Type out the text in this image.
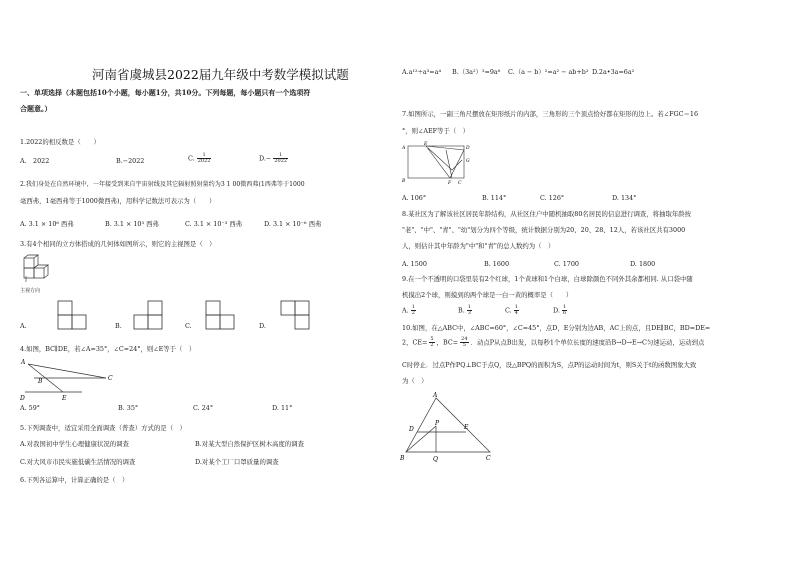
河南省虞城县2022届九年级中考数学模拟试题
一、单项选择（本题包括10个小题，每小题1分，共10分。下列每题，每小题只有一个选项符
合题意。）
1.2022的相反数是（　　）
A.　2022	B.−2022	C. $\frac{1}{2022}$	$D.- \frac{1}{2022}$
2.我们身处在自然环境中，一年接受到来自宇宙射线及其它辐射照射量约为3 1 00微西弗(1西弗等于1000
毫西弗，1毫西弗等于1000微西弗)，用科学记数法可表示为（　　）
A. 3.1 × 10⁶ 西弗	B. 3.1 × 10³ 西弗	C. 3.1 × 10⁻³ 西弗	D. 3.1 × 10⁻⁶ 西弗
3.有4个相同的立方体搭成的几何体如图所示，则它的主视图是（　）
主视方向
A.	B.	C.	D.
4.如图，BC∥DE，若∠A=35°，∠C=24°，则∠E等于（　）
A
B	C
D	E
A. 59°	B. 35°	C. 24°	D. 11°
5.下列调查中，适宜采用全面调查（普查）方式的是（　）
A.对我国初中学生心理健康状况的调查	B.对某大型自然保护区树木高度的调查
C.对大风市市民实施低碳生活情况的调查	D.对某个工厂口罩质量的调查
6.下列各运算中，计算正确的是（　）
A.a¹²÷a³=a⁴ B.（3a²）³=9a⁶ C.（a − b）²=a² − ab+b² D.2a•3a=6a²
7.如图所示，一副三角尺摆放在矩形纸片的内部，三角形的三个顶点恰好都在矩形的边上。若∠FGC＝16
°，则∠AEF等于（　）
A
B	C
D
E
F
G
A. 106°	B. 114°	C. 126°	D. 134°
8.某社区为了解该社区居民年龄结构，从社区住户中随机抽取80名居民的信息进行调查，将抽取年龄按
"老"、"中"、"青"、"幼"划分为四个等级，统计数据分别为20、20、28、12人，若该社区共有3000
人，则估计其中年龄为"中"和"青"的总人数约为（　）
A. 1500	B. 1600	C. 1700	D. 1800
9.在一个不透明的口袋里装有2个红球，1个黄球和1个白球，白球除颜色不同外其余都相同. 从口袋中随
机摸出2个球，则摸到的两个球是一白一黄的概率是（　　）
A. $\frac{1}{2}$	B. $\frac{1}{3}$	C. $\frac{1}{4}$	D. $\frac{1}{6}$
10.如图，在△ABC中，∠ABC=60°，∠C=45°，点D，E分别为边AB，AC上的点，且DE∥BC，BD=DE=
2，$CE= \frac{5}{2}$ ，$BC= \frac{24}{5}$ ．动点P从点B出发，以每秒1个单位长度的速度沿B→D→E→C匀速运动，运动到点
C时停止．过点P作PQ⊥BC于点Q，设△BPQ的面积为S，点P的运动时间为t，则S关于t的函数图象大致
为（　）
A
B	C
D	E
P
Q
